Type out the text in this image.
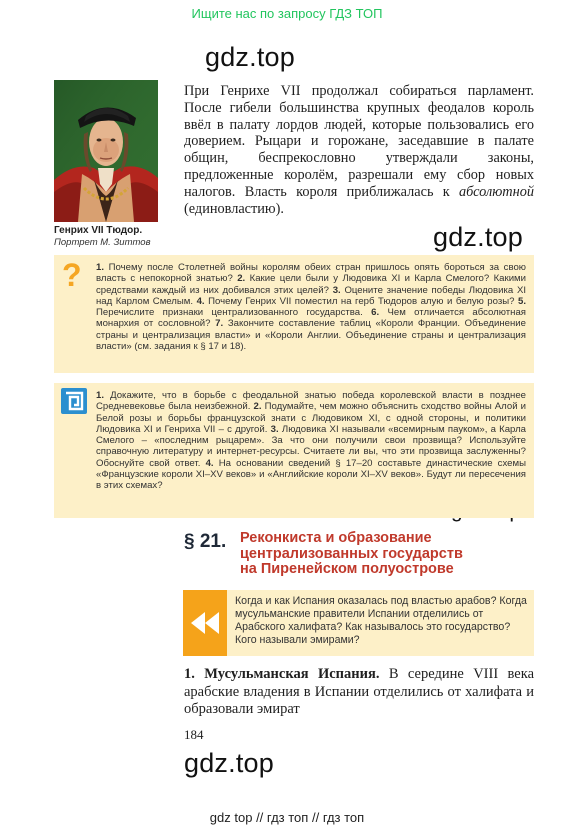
Ищите нас по запросу ГДЗ ТОП
gdz.top
gdz.top
gdz.top
Генрих VII Тюдор.
Портрет М. Зиттов
При Генрихе VII продолжал собираться парламент. После гибели большинства крупных феодалов король ввёл в палату лордов людей, которые пользовались его доверием. Рыцари и горожане, заседавшие в палате общин, беспрекословно утверждали законы, предложенные королём, разрешали ему сбор новых налогов. Власть короля приближалась к абсолютной (единовластию).
? 1. Почему после Столетней войны королям обеих стран пришлось опять бороться за свою власть с непокорной знатью? 2. Какие цели были у Людовика XI и Карла Смелого? Какими средствами каждый из них добивался этих целей? 3. Оцените значение победы Людовика XI над Карлом Смелым. 4. Почему Генрих VII поместил на герб Тюдоров алую и белую розы? 5. Перечислите признаки централизованного государства. 6. Чем отличается абсолютная монархия от сословной? 7. Закончите составление таблиц «Короли Франции. Объединение страны и централизация власти» и «Короли Англии. Объединение страны и централизация власти» (см. задания к § 17 и 18).
1. Докажите, что в борьбе с феодальной знатью победа королевской власти в позднее Средневековье была неизбежной. 2. Подумайте, чем можно объяснить сходство войны Алой и Белой розы и борьбы французской знати с Людовиком XI, с одной стороны, и политики Людовика XI и Генриха VII – с другой. 3. Людовика XI называли «всемирным пауком», а Карла Смелого – «последним рыцарем». За что они получили свои прозвища? Используйте справочную литературу и интернет-ресурсы. Считаете ли вы, что эти прозвища заслуженны? Обоснуйте свой ответ. 4. На основании сведений § 17–20 составьте династические схемы «Французские короли XI–XV веков» и «Английские короли XI–XV веков». Будут ли пересечения в этих схемах?
§ 21. Реконкиста и образование
централизованных государств
на Пиренейском полуострове
Когда и как Испания оказалась под властью арабов? Когда мусульманские правители Испании отделились от Арабского халифата? Как называлось это государство? Кого называли эмирами?
1. Мусульманская Испания. В середине VIII века арабские владения в Испании отделились от халифата и образовали эмират
184
gdz top // гдз топ // гдз топ
